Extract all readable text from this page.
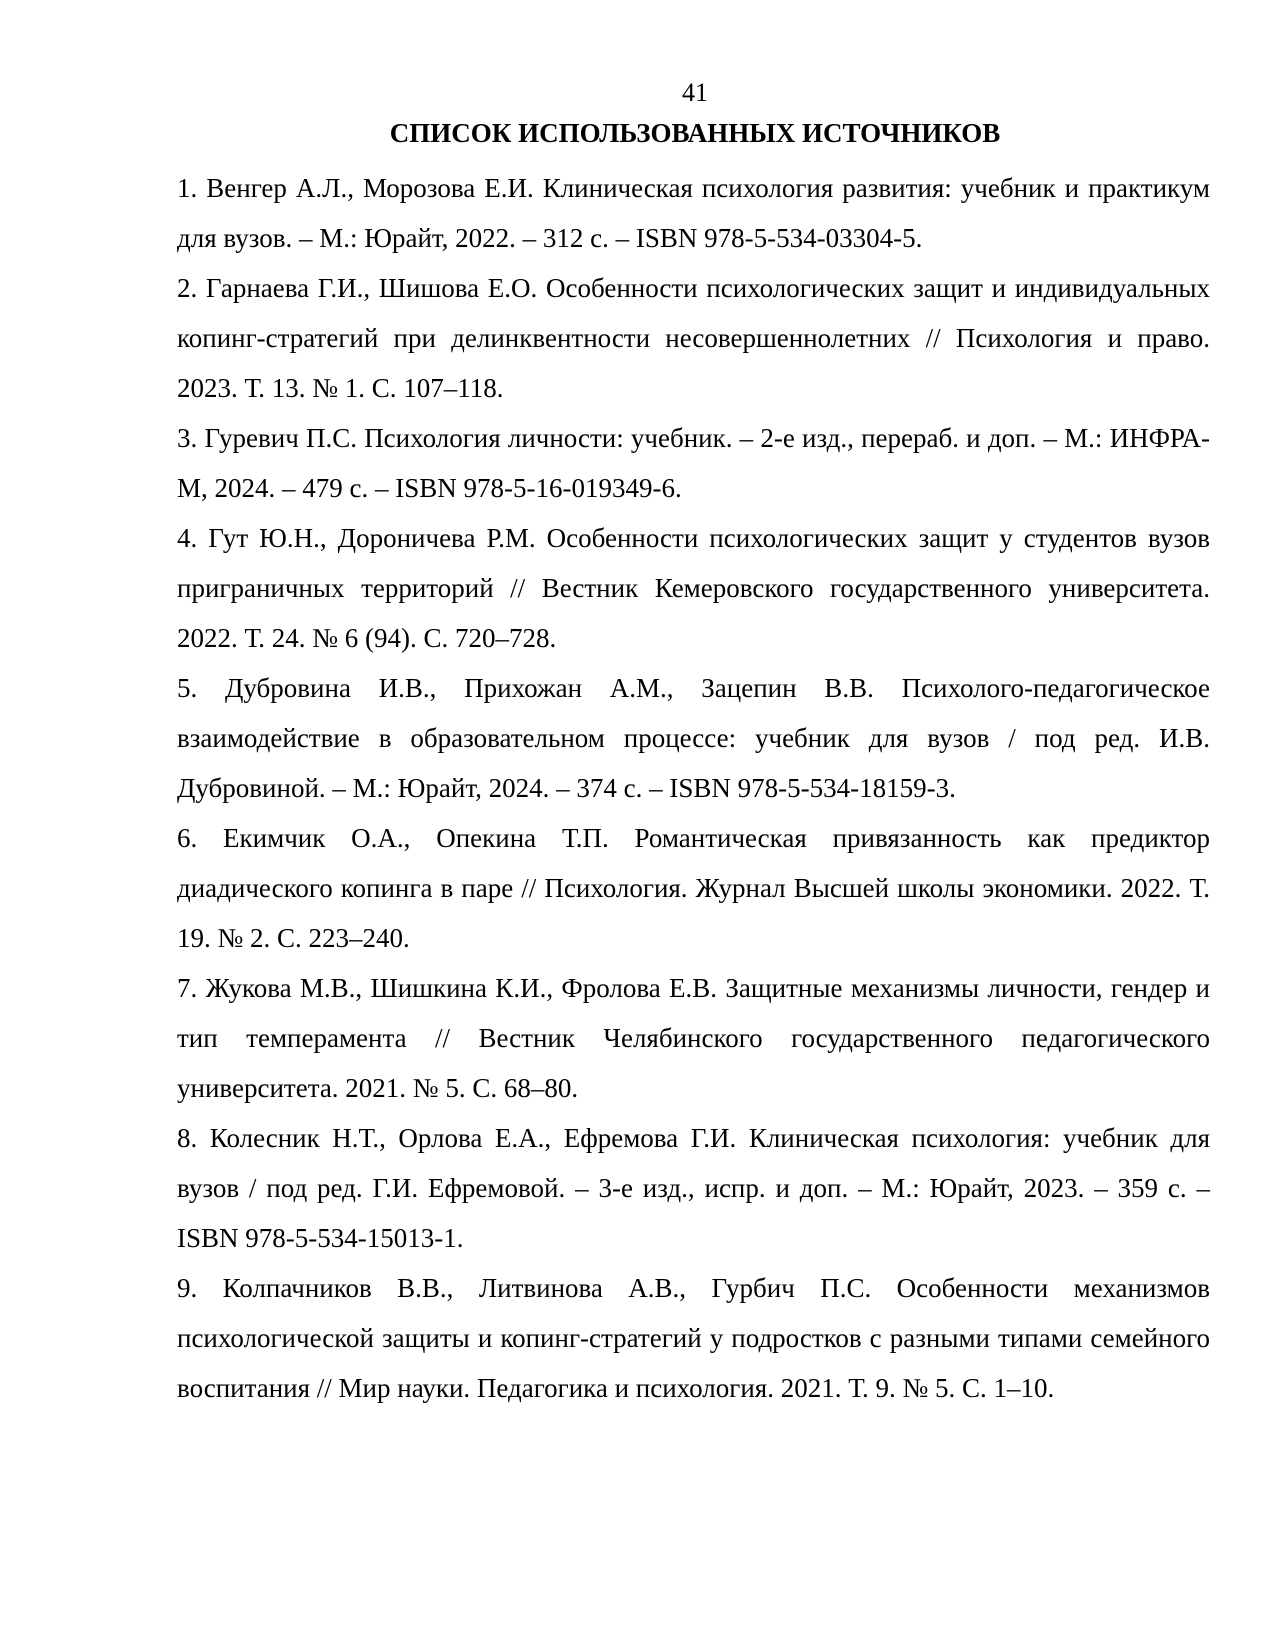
41
СПИСОК ИСПОЛЬЗОВАННЫХ ИСТОЧНИКОВ
1. Венгер А.Л., Морозова Е.И. Клиническая психология развития: учебник и практикум для вузов. – М.: Юрайт, 2022. – 312 с. – ISBN 978-5-534-03304-5.
2. Гарнаева Г.И., Шишова Е.О. Особенности психологических защит и индивидуальных копинг-стратегий при делинквентности несовершеннолетних // Психология и право. 2023. Т. 13. № 1. С. 107–118.
3. Гуревич П.С. Психология личности: учебник. – 2-е изд., перераб. и доп. – М.: ИНФРА-М, 2024. – 479 с. – ISBN 978-5-16-019349-6.
4. Гут Ю.Н., Дороничева Р.М. Особенности психологических защит у студентов вузов приграничных территорий // Вестник Кемеровского государственного университета. 2022. Т. 24. № 6 (94). С. 720–728.
5. Дубровина И.В., Прихожан А.М., Зацепин В.В. Психолого-педагогическое взаимодействие в образовательном процессе: учебник для вузов / под ред. И.В. Дубровиной. – М.: Юрайт, 2024. – 374 с. – ISBN 978-5-534-18159-3.
6. Екимчик О.А., Опекина Т.П. Романтическая привязанность как предиктор диадического копинга в паре // Психология. Журнал Высшей школы экономики. 2022. Т. 19. № 2. С. 223–240.
7. Жукова М.В., Шишкина К.И., Фролова Е.В. Защитные механизмы личности, гендер и тип темперамента // Вестник Челябинского государственного педагогического университета. 2021. № 5. С. 68–80.
8. Колесник Н.Т., Орлова Е.А., Ефремова Г.И. Клиническая психология: учебник для вузов / под ред. Г.И. Ефремовой. – 3-е изд., испр. и доп. – М.: Юрайт, 2023. – 359 с. – ISBN 978-5-534-15013-1.
9. Колпачников В.В., Литвинова А.В., Гурбич П.С. Особенности механизмов психологической защиты и копинг-стратегий у подростков с разными типами семейного воспитания // Мир науки. Педагогика и психология. 2021. Т. 9. № 5. С. 1–10.
